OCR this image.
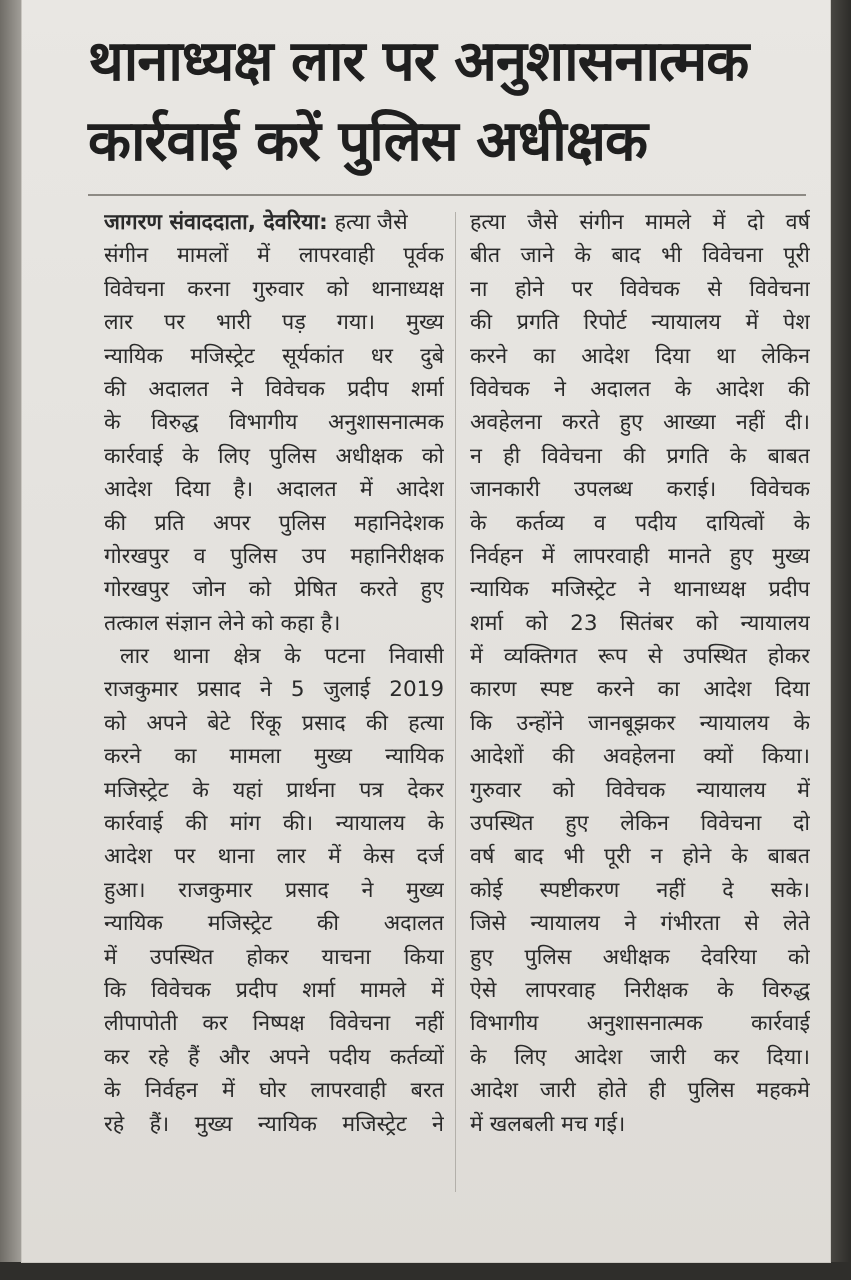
थानाध्यक्ष लार पर अनुशासनात्मक
कार्रवाई करें पुलिस अधीक्षक
जागरण संवाददाता, देवरिया: हत्या जैसे
संगीन मामलों में लापरवाही पूर्वक
विवेचना करना गुरुवार को थानाध्यक्ष
लार पर भारी पड़ गया। मुख्य
न्यायिक मजिस्ट्रेट सूर्यकांत धर दुबे
की अदालत ने विवेचक प्रदीप शर्मा
के विरुद्ध विभागीय अनुशासनात्मक
कार्रवाई के लिए पुलिस अधीक्षक को
आदेश दिया है। अदालत में आदेश
की प्रति अपर पुलिस महानिदेशक
गोरखपुर व पुलिस उप महानिरीक्षक
गोरखपुर जोन को प्रेषित करते हुए
तत्काल संज्ञान लेने को कहा है।
लार थाना क्षेत्र के पटना निवासी
राजकुमार प्रसाद ने 5 जुलाई 2019
को अपने बेटे रिंकू प्रसाद की हत्या
करने का मामला मुख्य न्यायिक
मजिस्ट्रेट के यहां प्रार्थना पत्र देकर
कार्रवाई की मांग की। न्यायालय के
आदेश पर थाना लार में केस दर्ज
हुआ। राजकुमार प्रसाद ने मुख्य
न्यायिक मजिस्ट्रेट की अदालत
में उपस्थित होकर याचना किया
कि विवेचक प्रदीप शर्मा मामले में
लीपापोती कर निष्पक्ष विवेचना नहीं
कर रहे हैं और अपने पदीय कर्तव्यों
के निर्वहन में घोर लापरवाही बरत
रहे हैं। मुख्य न्यायिक मजिस्ट्रेट ने
हत्या जैसे संगीन मामले में दो वर्ष
बीत जाने के बाद भी विवेचना पूरी
ना होने पर विवेचक से विवेचना
की प्रगति रिपोर्ट न्यायालय में पेश
करने का आदेश दिया था लेकिन
विवेचक ने अदालत के आदेश की
अवहेलना करते हुए आख्या नहीं दी।
न ही विवेचना की प्रगति के बाबत
जानकारी उपलब्ध कराई। विवेचक
के कर्तव्य व पदीय दायित्वों के
निर्वहन में लापरवाही मानते हुए मुख्य
न्यायिक मजिस्ट्रेट ने थानाध्यक्ष प्रदीप
शर्मा को 23 सितंबर को न्यायालय
में व्यक्तिगत रूप से उपस्थित होकर
कारण स्पष्ट करने का आदेश दिया
कि उन्होंने जानबूझकर न्यायालय के
आदेशों की अवहेलना क्यों किया।
गुरुवार को विवेचक न्यायालय में
उपस्थित हुए लेकिन विवेचना दो
वर्ष बाद भी पूरी न होने के बाबत
कोई स्पष्टीकरण नहीं दे सके।
जिसे न्यायालय ने गंभीरता से लेते
हुए पुलिस अधीक्षक देवरिया को
ऐसे लापरवाह निरीक्षक के विरुद्ध
विभागीय अनुशासनात्मक कार्रवाई
के लिए आदेश जारी कर दिया।
आदेश जारी होते ही पुलिस महकमे
में खलबली मच गई।
